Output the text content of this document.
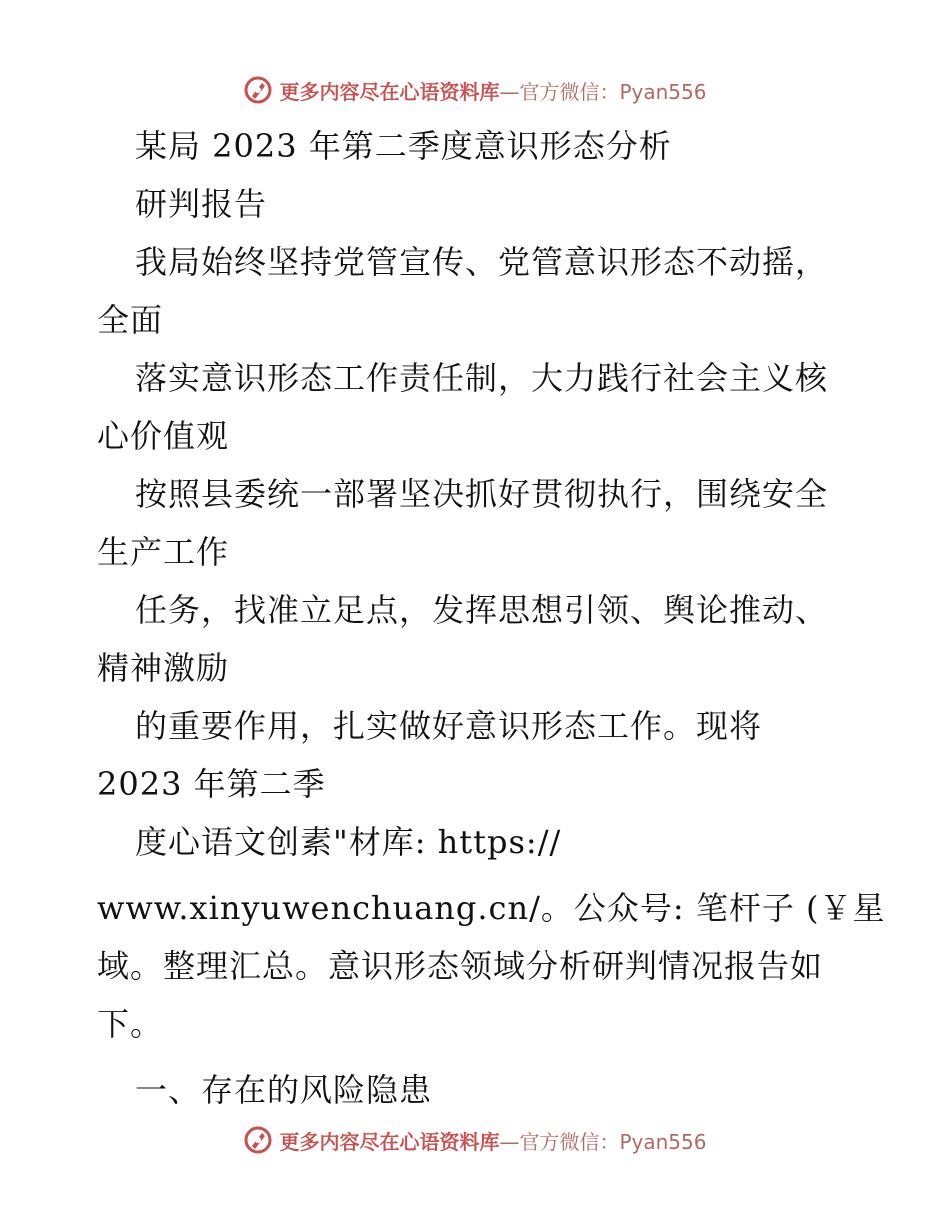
更多内容尽在心语资料库 —官方微信：Pyan556
某局 2023 年第二季度意识形态分析
研判报告
我局始终坚持党管宣传、党管意识形态不动摇，
全面
落实意识形态工作责任制，大力践行社会主义核
心价值观
按照县委统一部署坚决抓好贯彻执行，围绕安全
生产工作
任务，找准立足点，发挥思想引领、舆论推动、
精神激励
的重要作用，扎实做好意识形态工作。现将
2023 年第二季
度心语文创素"材库: https://
www.xinyuwenchuang.cn/。公众号: 笔杆子 (￥星
域。整理汇总。意识形态领域分析研判情况报告如
下。
一、存在的风险隐患
更多内容尽在心语资料库 —官方微信：Pyan556
